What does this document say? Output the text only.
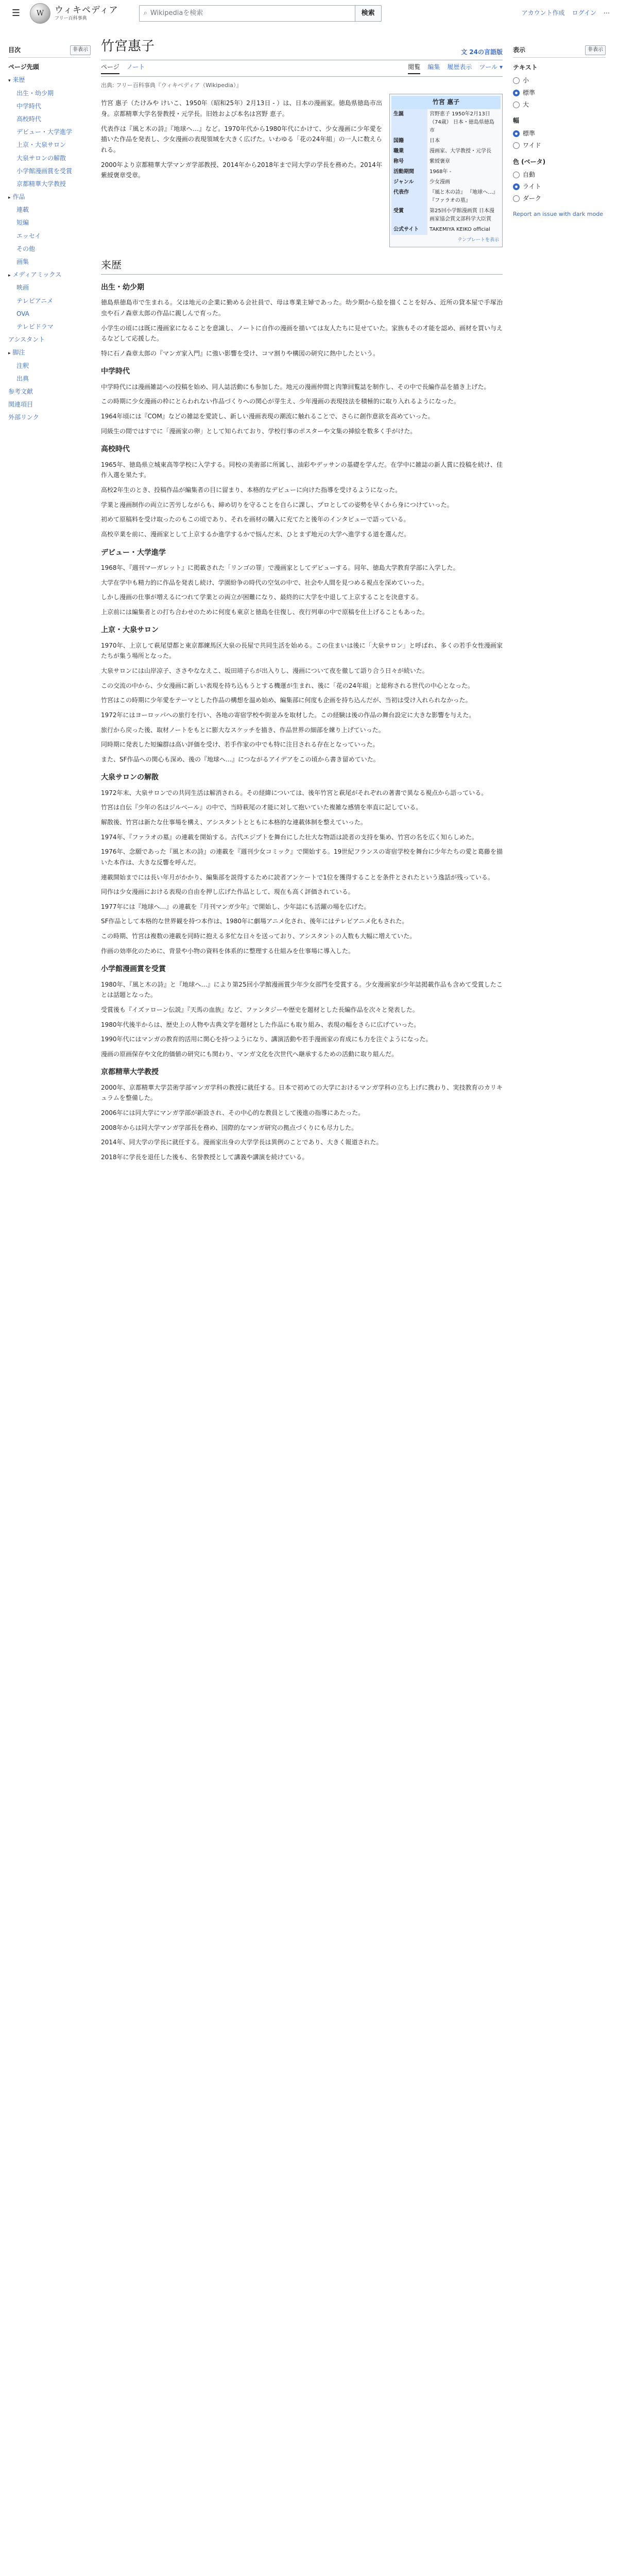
☰	W ウィキペディア
フリー百科事典
⌕ Wikipediaを検索	検索	アカウント作成 ログイン ⋯
目次	非表示
ページ先頭
▾ 来歴
出生・幼少期
中学時代
高校時代
デビュー・大学進学
上京・大泉サロン
大泉サロンの解散
小学館漫画賞を受賞
京都精華大学教授
▸ 作品
連載
短編
エッセイ
その他
画集
▸ メディアミックス
映画
テレビアニメ
OVA
テレビドラマ
アシスタント
▸ 脚注
注釈
出典
参考文献
関連項目
外部リンク
竹宮惠子	文 24の言語版
ページ ノート	閲覧 編集 履歴表示 ツール ▾
出典: フリー百科事典『ウィキペディア（Wikipedia）』

竹宮 惠子（たけみや けいこ、1950年（昭和25年）2月13日 - ）は、日本の漫画家。徳島県徳島市出身。京都精華大学名誉教授・元学長。旧姓および本名は宮野 恵子。

代表作は『風と木の詩』『地球へ…』など。1970年代から1980年代にかけて、少女漫画に少年愛を描いた作品を発表し、少女漫画の表現領域を大きく広げた。いわゆる「花の24年組」の一人に数えられる。

2000年より京都精華大学マンガ学部教授、2014年から2018年まで同大学の学長を務めた。2014年紫綬褒章受章。

竹宮 惠子
生誕	宮野恵子 1950年2月13日（74歳） 日本・徳島県徳島市
国籍	日本
職業	漫画家、大学教授・元学長
称号	紫綬褒章
活動期間	1968年 -
ジャンル	少女漫画
代表作	『風と木の詩』 『地球へ…』 『ファラオの墓』
受賞	第25回小学館漫画賞 日本漫画家協会賞文部科学大臣賞
公式サイト	TAKEMIYA KEIKO official
テンプレートを表示
来歴
出生・幼少期

徳島県徳島市で生まれる。父は地元の企業に勤める会社員で、母は専業主婦であった。幼少期から絵を描くことを好み、近所の貸本屋で手塚治虫や石ノ森章太郎の作品に親しんで育った。

小学生の頃には既に漫画家になることを意識し、ノートに自作の漫画を描いては友人たちに見せていた。家族もその才能を認め、画材を買い与えるなどして応援した。

特に石ノ森章太郎の『マンガ家入門』に強い影響を受け、コマ割りや構図の研究に熱中したという。

中学時代

中学時代には漫画雑誌への投稿を始め、同人誌活動にも参加した。地元の漫画仲間と肉筆回覧誌を制作し、その中で長編作品を描き上げた。

この時期に少女漫画の枠にとらわれない作品づくりへの関心が芽生え、少年漫画の表現技法を積極的に取り入れるようになった。

1964年頃には『COM』などの雑誌を愛読し、新しい漫画表現の潮流に触れることで、さらに創作意欲を高めていった。

同級生の間ではすでに「漫画家の卵」として知られており、学校行事のポスターや文集の挿絵を数多く手がけた。

高校時代

1965年、徳島県立城東高等学校に入学する。同校の美術部に所属し、油彩やデッサンの基礎を学んだ。在学中に雑誌の新人賞に投稿を続け、佳作入選を果たす。

高校2年生のとき、投稿作品が編集者の目に留まり、本格的なデビューに向けた指導を受けるようになった。

学業と漫画制作の両立に苦労しながらも、締め切りを守ることを自らに課し、プロとしての姿勢を早くから身につけていった。

初めて原稿料を受け取ったのもこの頃であり、それを画材の購入に充てたと後年のインタビューで語っている。

高校卒業を前に、漫画家として上京するか進学するかで悩んだ末、ひとまず地元の大学へ進学する道を選んだ。

デビュー・大学進学

1968年、『週刊マーガレット』に掲載された「リンゴの罪」で漫画家としてデビューする。同年、徳島大学教育学部に入学した。

大学在学中も精力的に作品を発表し続け、学園紛争の時代の空気の中で、社会や人間を見つめる視点を深めていった。

しかし漫画の仕事が増えるにつれて学業との両立が困難になり、最終的に大学を中退して上京することを決意する。

上京前には編集者との打ち合わせのために何度も東京と徳島を往復し、夜行列車の中で原稿を仕上げることもあった。

上京・大泉サロン

1970年、上京して萩尾望都と東京都練馬区大泉の長屋で共同生活を始める。この住まいは後に「大泉サロン」と呼ばれ、多くの若手女性漫画家たちが集う場所となった。

大泉サロンには山岸凉子、ささやななえこ、坂田靖子らが出入りし、漫画について夜を徹して語り合う日々が続いた。

この交流の中から、少女漫画に新しい表現を持ち込もうとする機運が生まれ、後に「花の24年組」と総称される世代の中心となった。

竹宮はこの時期に少年愛をテーマとした作品の構想を温め始め、編集部に何度も企画を持ち込んだが、当初は受け入れられなかった。

1972年にはヨーロッパへの旅行を行い、各地の寄宿学校や街並みを取材した。この経験は後の作品の舞台設定に大きな影響を与えた。

旅行から戻った後、取材ノートをもとに膨大なスケッチを描き、作品世界の細部を練り上げていった。

同時期に発表した短編群は高い評価を受け、若手作家の中でも特に注目される存在となっていった。

また、SF作品への関心も深め、後の『地球へ…』につながるアイデアをこの頃から書き留めていた。

大泉サロンの解散

1972年末、大泉サロンでの共同生活は解消される。その経緯については、後年竹宮と萩尾がそれぞれの著書で異なる視点から語っている。

竹宮は自伝『少年の名はジルベール』の中で、当時萩尾の才能に対して抱いていた複雑な感情を率直に記している。

解散後、竹宮は新たな仕事場を構え、アシスタントとともに本格的な連載体制を整えていった。

1974年、『ファラオの墓』の連載を開始する。古代エジプトを舞台にした壮大な物語は読者の支持を集め、竹宮の名を広く知らしめた。

1976年、念願であった『風と木の詩』の連載を『週刊少女コミック』で開始する。19世紀フランスの寄宿学校を舞台に少年たちの愛と葛藤を描いた本作は、大きな反響を呼んだ。

連載開始までには長い年月がかかり、編集部を説得するために読者アンケートで1位を獲得することを条件とされたという逸話が残っている。

同作は少女漫画における表現の自由を押し広げた作品として、現在も高く評価されている。

1977年には『地球へ…』の連載を『月刊マンガ少年』で開始し、少年誌にも活躍の場を広げた。

SF作品として本格的な世界観を持つ本作は、1980年に劇場アニメ化され、後年にはテレビアニメ化もされた。

この時期、竹宮は複数の連載を同時に抱える多忙な日々を送っており、アシスタントの人数も大幅に増えていた。

作画の効率化のために、背景や小物の資料を体系的に整理する仕組みを仕事場に導入した。

小学館漫画賞を受賞

1980年、『風と木の詩』と『地球へ…』により第25回小学館漫画賞少年少女部門を受賞する。少女漫画家が少年誌掲載作品も含めて受賞したことは話題となった。

受賞後も『イズァローン伝説』『天馬の血族』など、ファンタジーや歴史を題材とした長編作品を次々と発表した。

1980年代後半からは、歴史上の人物や古典文学を題材とした作品にも取り組み、表現の幅をさらに広げていった。

1990年代にはマンガの教育的活用に関心を持つようになり、講演活動や若手漫画家の育成にも力を注ぐようになった。

漫画の原画保存や文化的価値の研究にも関わり、マンガ文化を次世代へ継承するための活動に取り組んだ。

京都精華大学教授

2000年、京都精華大学芸術学部マンガ学科の教授に就任する。日本で初めての大学におけるマンガ学科の立ち上げに携わり、実技教育のカリキュラムを整備した。

2006年には同大学にマンガ学部が新設され、その中心的な教員として後進の指導にあたった。

2008年からは同大学マンガ学部長を務め、国際的なマンガ研究の拠点づくりにも尽力した。

2014年、同大学の学長に就任する。漫画家出身の大学学長は異例のことであり、大きく報道された。

2018年に学長を退任した後も、名誉教授として講義や講演を続けている。

表示	非表示
テキスト
小
標準
大
幅
標準
ワイド
色 (ベータ)
自動
ライト
ダーク
Report an issue with dark mode
